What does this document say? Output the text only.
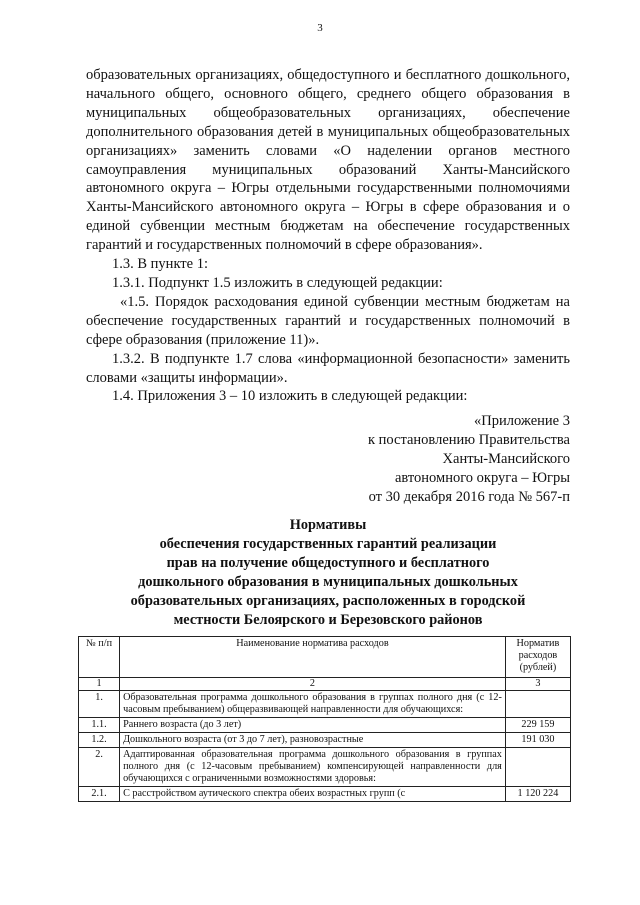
3

образовательных организациях, общедоступного и бесплатного дошкольного, начального общего, основного общего, среднего общего образования в муниципальных общеобразовательных организациях, обеспечение дополнительного образования детей в муниципальных общеобразовательных организациях» заменить словами «О наделении органов местного самоуправления муниципальных образований Ханты-Мансийского автономного округа – Югры отдельными государственными полномочиями Ханты-Мансийского автономного округа – Югры в сфере образования и о единой субвенции местным бюджетам на обеспечение государственных гарантий и государственных полномочий в сфере образования».

1.3. В пункте 1:

1.3.1. Подпункт 1.5 изложить в следующей редакции:

«1.5. Порядок расходования единой субвенции местным бюджетам на обеспечение государственных гарантий и государственных полномочий в сфере образования (приложение 11)».

1.3.2. В подпункте 1.7 слова «информационной безопасности» заменить словами «защиты информации».

1.4. Приложения 3 – 10 изложить в следующей редакции:

«Приложение 3
к постановлению Правительства
Ханты-Мансийского
автономного округа – Югры
от 30 декабря 2016 года № 567-п
Нормативы
обеспечения государственных гарантий реализации
прав на получение общедоступного и бесплатного
дошкольного образования в муниципальных дошкольных
образовательных организациях, расположенных в городской
местности Белоярского и Березовского районов
№ п/п	Наименование норматива расходов	Норматив расходов (рублей)
1	2	3
1.	Образовательная программа дошкольного образования в группах полного дня (с 12-часовым пребыванием) общеразвивающей направленности для обучающихся:	
1.1.	Раннего возраста (до 3 лет)	229 159
1.2.	Дошкольного возраста (от 3 до 7 лет), разновозрастные	191 030
2.	Адаптированная образовательная программа дошкольного образования в группах полного дня (с 12-часовым пребыванием) компенсирующей направленности для обучающихся с ограниченными возможностями здоровья:	
2.1.	С расстройством аутического спектра обеих возрастных групп (с	1 120 224
